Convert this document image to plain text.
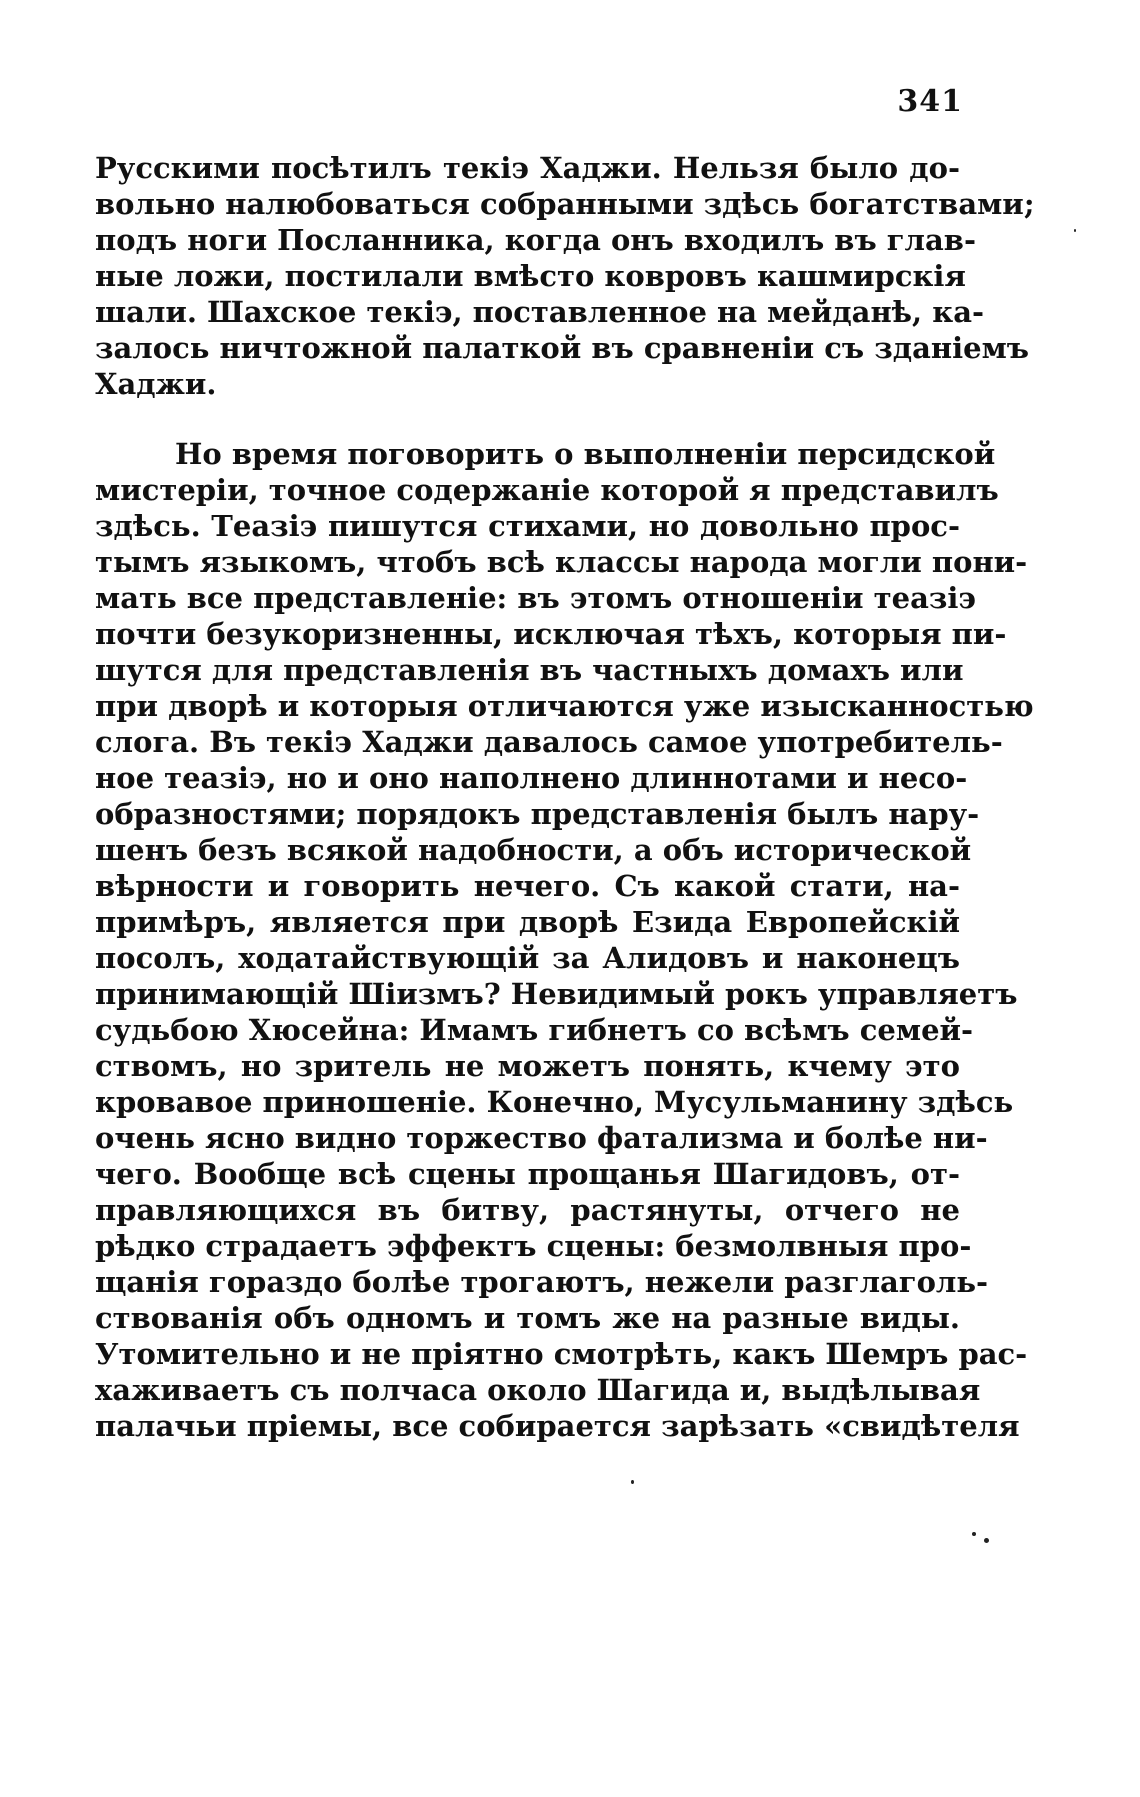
341
Русскими посѣтилъ текіэ Хаджи. Нельзя было до-
вольно налюбоваться собранными здѣсь богатствами;
подъ ноги Посланника, когда онъ входилъ въ глав-
ные ложи, постилали вмѣсто ковровъ кашмирскія
шали. Шахское текіэ, поставленное на мейданѣ, ка-
залось ничтожной палаткой въ сравненіи съ зданіемъ
Хаджи.
Но время поговорить о выполненіи персидской
мистеріи, точное содержаніе которой я представилъ
здѣсь. Теазіэ пишутся стихами, но довольно прос-
тымъ языкомъ, чтобъ всѣ классы народа могли пони-
мать все представленіе: въ этомъ отношеніи теазіэ
почти безукоризненны, исключая тѣхъ, которыя пи-
шутся для представленія въ частныхъ домахъ или
при дворѣ и которыя отличаются уже изысканностью
слога. Въ текіэ Хаджи давалось самое употребитель-
ное теазіэ, но и оно наполнено длиннотами и несо-
образностями; порядокъ представленія былъ нару-
шенъ безъ всякой надобности, а объ исторической
вѣрности и говорить нечего. Съ какой стати, на-
примѣръ, является при дворѣ Езида Европейскій
посолъ, ходатайствующій за Алидовъ и наконецъ
принимающій Шіизмъ? Невидимый рокъ управляетъ
судьбою Хюсейна: Имамъ гибнетъ со всѣмъ семей-
ствомъ, но зритель не можетъ понять, кчему это
кровавое приношеніе. Конечно, Мусульманину здѣсь
очень ясно видно торжество фатализма и болѣе ни-
чего. Вообще всѣ сцены прощанья Шагидовъ, от-
правляющихся въ битву, растянуты, отчего не
рѣдко страдаетъ эффектъ сцены: безмолвныя про-
щанія гораздо болѣе трогаютъ, нежели разглаголь-
ствованія объ одномъ и томъ же на разные виды.
Утомительно и не пріятно смотрѣть, какъ Шемръ рас-
хаживаетъ съ полчаса около Шагида и, выдѣлывая
палачьи пріемы, все собирается зарѣзать «свидѣтеля
